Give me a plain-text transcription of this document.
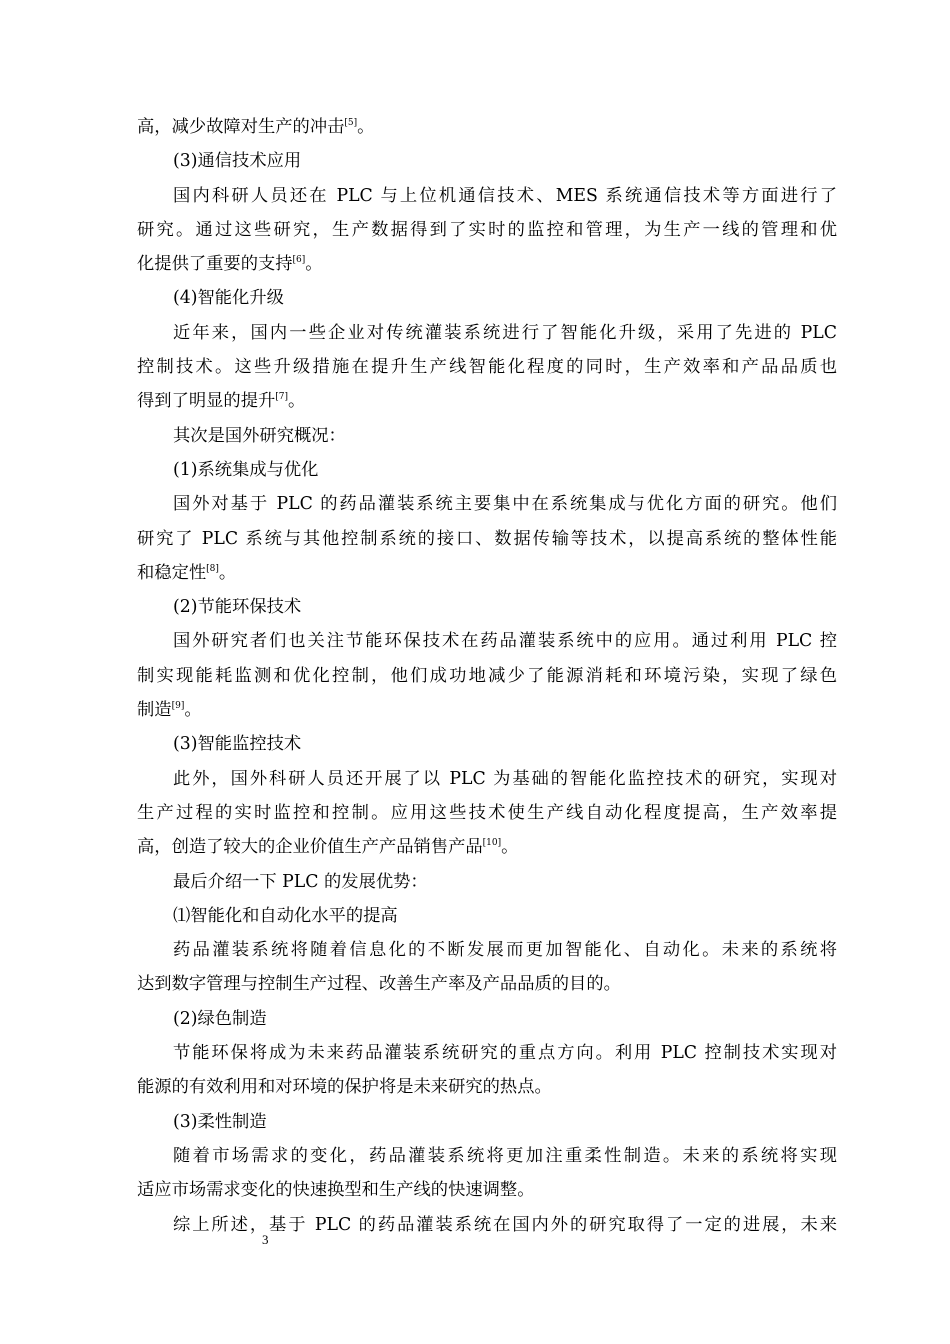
高，减少故障对生产的冲击[5]。
(3)通信技术应用
国内科研人员还在 PLC 与上位机通信技术、MES 系统通信技术等方面进行了
研究。通过这些研究，生产数据得到了实时的监控和管理，为生产一线的管理和优
化提供了重要的支持[6]。
(4)智能化升级
近年来，国内一些企业对传统灌装系统进行了智能化升级，采用了先进的 PLC
控制技术。这些升级措施在提升生产线智能化程度的同时，生产效率和产品品质也
得到了明显的提升[7]。
其次是国外研究概况：
(1)系统集成与优化
国外对基于 PLC 的药品灌装系统主要集中在系统集成与优化方面的研究。他们
研究了 PLC 系统与其他控制系统的接口、数据传输等技术，以提高系统的整体性能
和稳定性[8]。
(2)节能环保技术
国外研究者们也关注节能环保技术在药品灌装系统中的应用。通过利用 PLC 控
制实现能耗监测和优化控制，他们成功地减少了能源消耗和环境污染，实现了绿色
制造[9]。
(3)智能监控技术
此外，国外科研人员还开展了以 PLC 为基础的智能化监控技术的研究，实现对
生产过程的实时监控和控制。应用这些技术使生产线自动化程度提高，生产效率提
高，创造了较大的企业价值生产产品销售产品[10]。
最后介绍一下 PLC 的发展优势：
⑴智能化和自动化水平的提高
药品灌装系统将随着信息化的不断发展而更加智能化、自动化。未来的系统将
达到数字管理与控制生产过程、改善生产率及产品品质的目的。
(2)绿色制造
节能环保将成为未来药品灌装系统研究的重点方向。利用 PLC 控制技术实现对
能源的有效利用和对环境的保护将是未来研究的热点。
(3)柔性制造
随着市场需求的变化，药品灌装系统将更加注重柔性制造。未来的系统将实现
适应市场需求变化的快速换型和生产线的快速调整。
综上所述，基于 PLC 的药品灌装系统在国内外的研究取得了一定的进展，未来
3
